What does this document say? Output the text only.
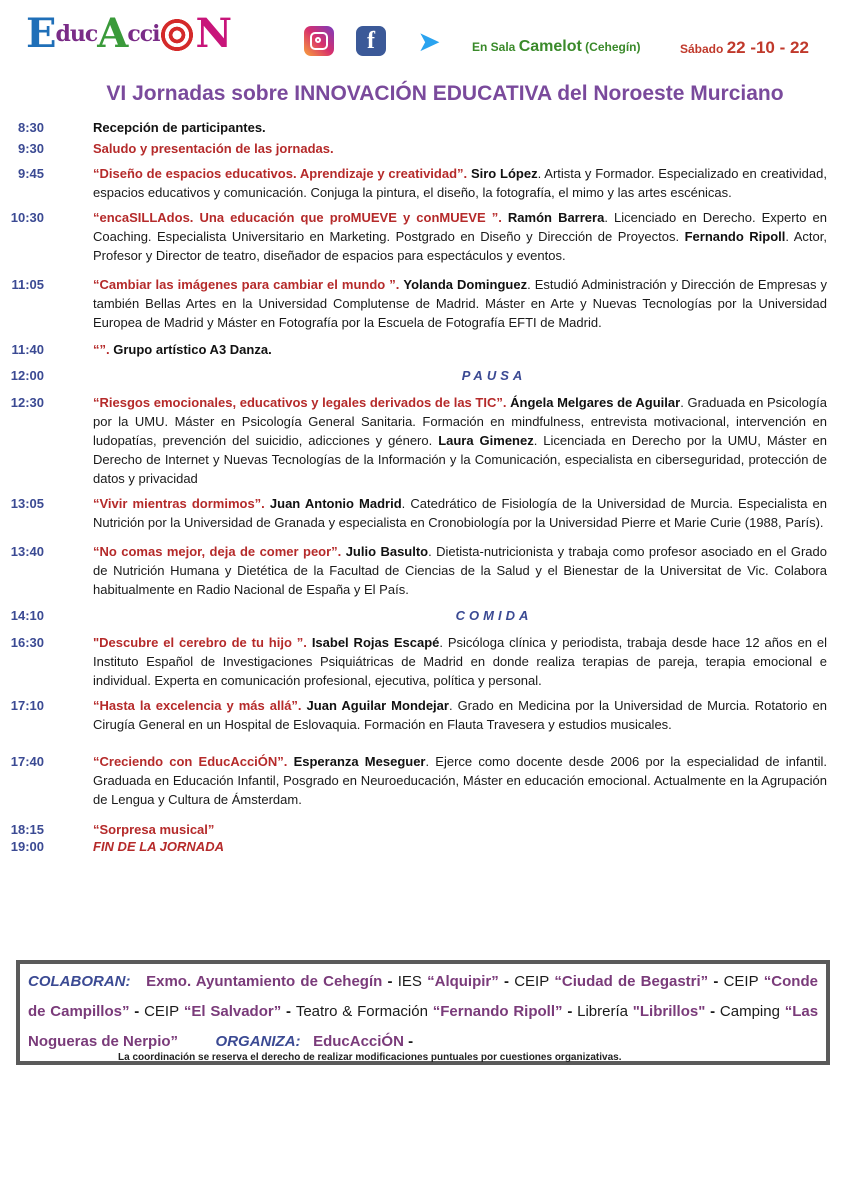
EducAcci N	f	➤	En Sala Camelot (Cehegín)	Sábado 22 -10 - 22
VI Jornadas sobre INNOVACIÓN EDUCATIVA del Noroeste Murciano
8:30	Recepción de participantes.
9:30	Saludo y presentación de las jornadas.
9:45	“Diseño de espacios educativos. Aprendizaje y creatividad”. Siro López. Artista y Formador. Especializado en creatividad, espacios educativos y comunicación. Conjuga la pintura, el diseño, la fotografía, el mimo y las artes escénicas.
10:30	“encaSILLAdos. Una educación que proMUEVE y conMUEVE ”. Ramón Barrera. Licenciado en Derecho. Experto en Coaching. Especialista Universitario en Marketing. Postgrado en Diseño y Dirección de Proyectos. Fernando Ripoll. Actor, Profesor y Director de teatro, diseñador de espacios para espectáculos y eventos.
11:05	“Cambiar las imágenes para cambiar el mundo ”. Yolanda Dominguez. Estudió Administración y Dirección de Empresas y también Bellas Artes en la Universidad Complutense de Madrid. Máster en Arte y Nuevas Tecnologías por la Universidad Europea de Madrid y Máster en Fotografía por la Escuela de Fotografía EFTI de Madrid.
11:40	“”. Grupo artístico A3 Danza.
12:00	PAUSA
12:30	“Riesgos emocionales, educativos y legales derivados de las TIC”. Ángela Melgares de Aguilar. Graduada en Psicología por la UMU. Máster en Psicología General Sanitaria. Formación en mindfulness, entrevista motivacional, intervención en ludopatías, prevención del suicidio, adicciones y género. Laura Gimenez. Licenciada en Derecho por la UMU, Máster en Derecho de Internet y Nuevas Tecnologías de la Información y la Comunicación, especialista en ciberseguridad, protección de datos y privacidad
13:05	“Vivir mientras dormimos”. Juan Antonio Madrid. Catedrático de Fisiología de la Universidad de Murcia. Especialista en Nutrición por la Universidad de Granada y especialista en Cronobiología por la Universidad Pierre et Marie Curie (1988, París).
13:40	“No comas mejor, deja de comer peor”. Julio Basulto. Dietista-nutricionista y trabaja como profesor asociado en el Grado de Nutrición Humana y Dietética de la Facultad de Ciencias de la Salud y el Bienestar de la Universitat de Vic. Colabora habitualmente en Radio Nacional de España y El País.
14:10	COMIDA
16:30	"Descubre el cerebro de tu hijo ”. Isabel Rojas Escapé. Psicóloga clínica y periodista, trabaja desde hace 12 años en el Instituto Español de Investigaciones Psiquiátricas de Madrid en donde realiza terapias de pareja, terapia emocional e individual. Experta en comunicación profesional, ejecutiva, política y personal.
17:10	“Hasta la excelencia y más allá”. Juan Aguilar Mondejar. Grado en Medicina por la Universidad de Murcia. Rotatorio en Cirugía General en un Hospital de Eslovaquia. Formación en Flauta Travesera y estudios musicales.
17:40	“Creciendo con EducAcciÓN”. Esperanza Meseguer. Ejerce como docente desde 2006 por la especialidad de infantil. Graduada en Educación Infantil, Posgrado en Neuroeducación, Máster en educación emocional. Actualmente en la Agrupación de Lengua y Cultura de Ámsterdam.
18:15	“Sorpresa musical”
19:00	FIN DE LA JORNADA
COLABORAN: Exmo. Ayuntamiento de Cehegín - IES “Alquipir” - CEIP “Ciudad de Begastri” - CEIP “Conde de Campillos” - CEIP “El Salvador” - Teatro & Formación “Fernando Ripoll” - Librería "Librillos" - Camping “Las Nogueras de Nerpio”	ORGANIZA: EducAcciÓN -
La coordinación se reserva el derecho de realizar modificaciones puntuales por cuestiones organizativas.
